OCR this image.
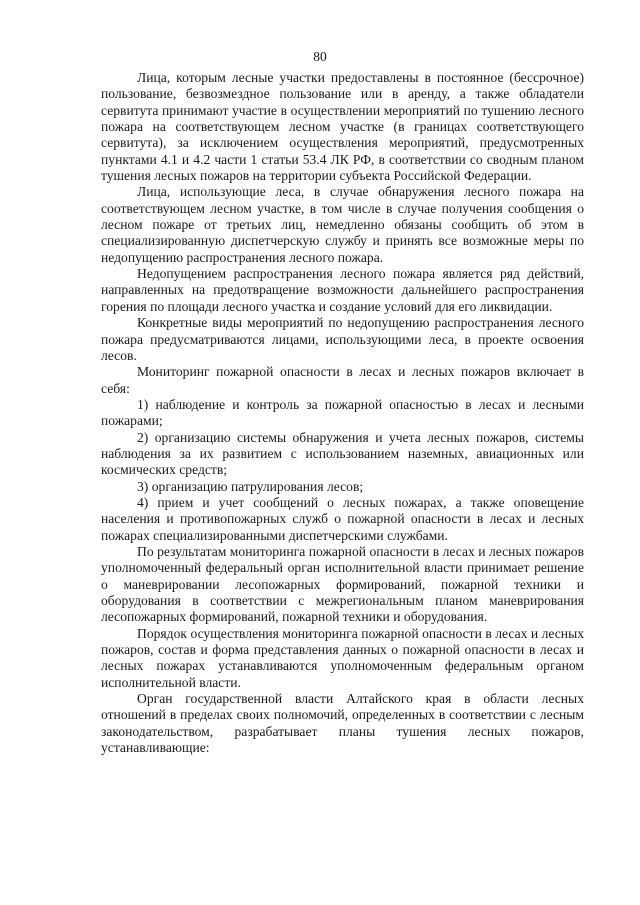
80

Лица, которым лесные участки предоставлены в постоянное (бессрочное) пользование, безвозмездное пользование или в аренду, а также обладатели сервитута принимают участие в осуществлении мероприятий по тушению лесного пожара на соответствующем лесном участке (в границах соответствующего сервитута), за исключением осуществления мероприятий, предусмотренных пунктами 4.1 и 4.2 части 1 статьи 53.4 ЛК РФ, в соответствии со сводным планом тушения лесных пожаров на территории субъекта Российской Федерации.

Лица, использующие леса, в случае обнаружения лесного пожара на соответствующем лесном участке, в том числе в случае получения сообщения о лесном пожаре от третьих лиц, немедленно обязаны сообщить об этом в специализированную диспетчерскую службу и принять все возможные меры по недопущению распространения лесного пожара.

Недопущением распространения лесного пожара является ряд действий, направленных на предотвращение возможности дальнейшего распространения горения по площади лесного участка и создание условий для его ликвидации.

Конкретные виды мероприятий по недопущению распространения лесного пожара предусматриваются лицами, использующими леса, в проекте освоения лесов.

Мониторинг пожарной опасности в лесах и лесных пожаров включает в себя:

1) наблюдение и контроль за пожарной опасностью в лесах и лесными пожарами;

2) организацию системы обнаружения и учета лесных пожаров, системы наблюдения за их развитием с использованием наземных, авиационных или космических средств;

3) организацию патрулирования лесов;

4) прием и учет сообщений о лесных пожарах, а также оповещение населения и противопожарных служб о пожарной опасности в лесах и лесных пожарах специализированными диспетчерскими службами.

По результатам мониторинга пожарной опасности в лесах и лесных пожаров уполномоченный федеральный орган исполнительной власти принимает решение о маневрировании лесопожарных формирований, пожарной техники и оборудования в соответствии с межрегиональным планом маневрирования лесопожарных формирований, пожарной техники и оборудования.

Порядок осуществления мониторинга пожарной опасности в лесах и лесных пожаров, состав и форма представления данных о пожарной опасности в лесах и лесных пожарах устанавливаются уполномоченным федеральным органом исполнительной власти.

Орган государственной власти Алтайского края в области лесных отношений в пределах своих полномочий, определенных в соответствии с лесным законодательством, разрабатывает планы тушения лесных пожаров, устанавливающие:
